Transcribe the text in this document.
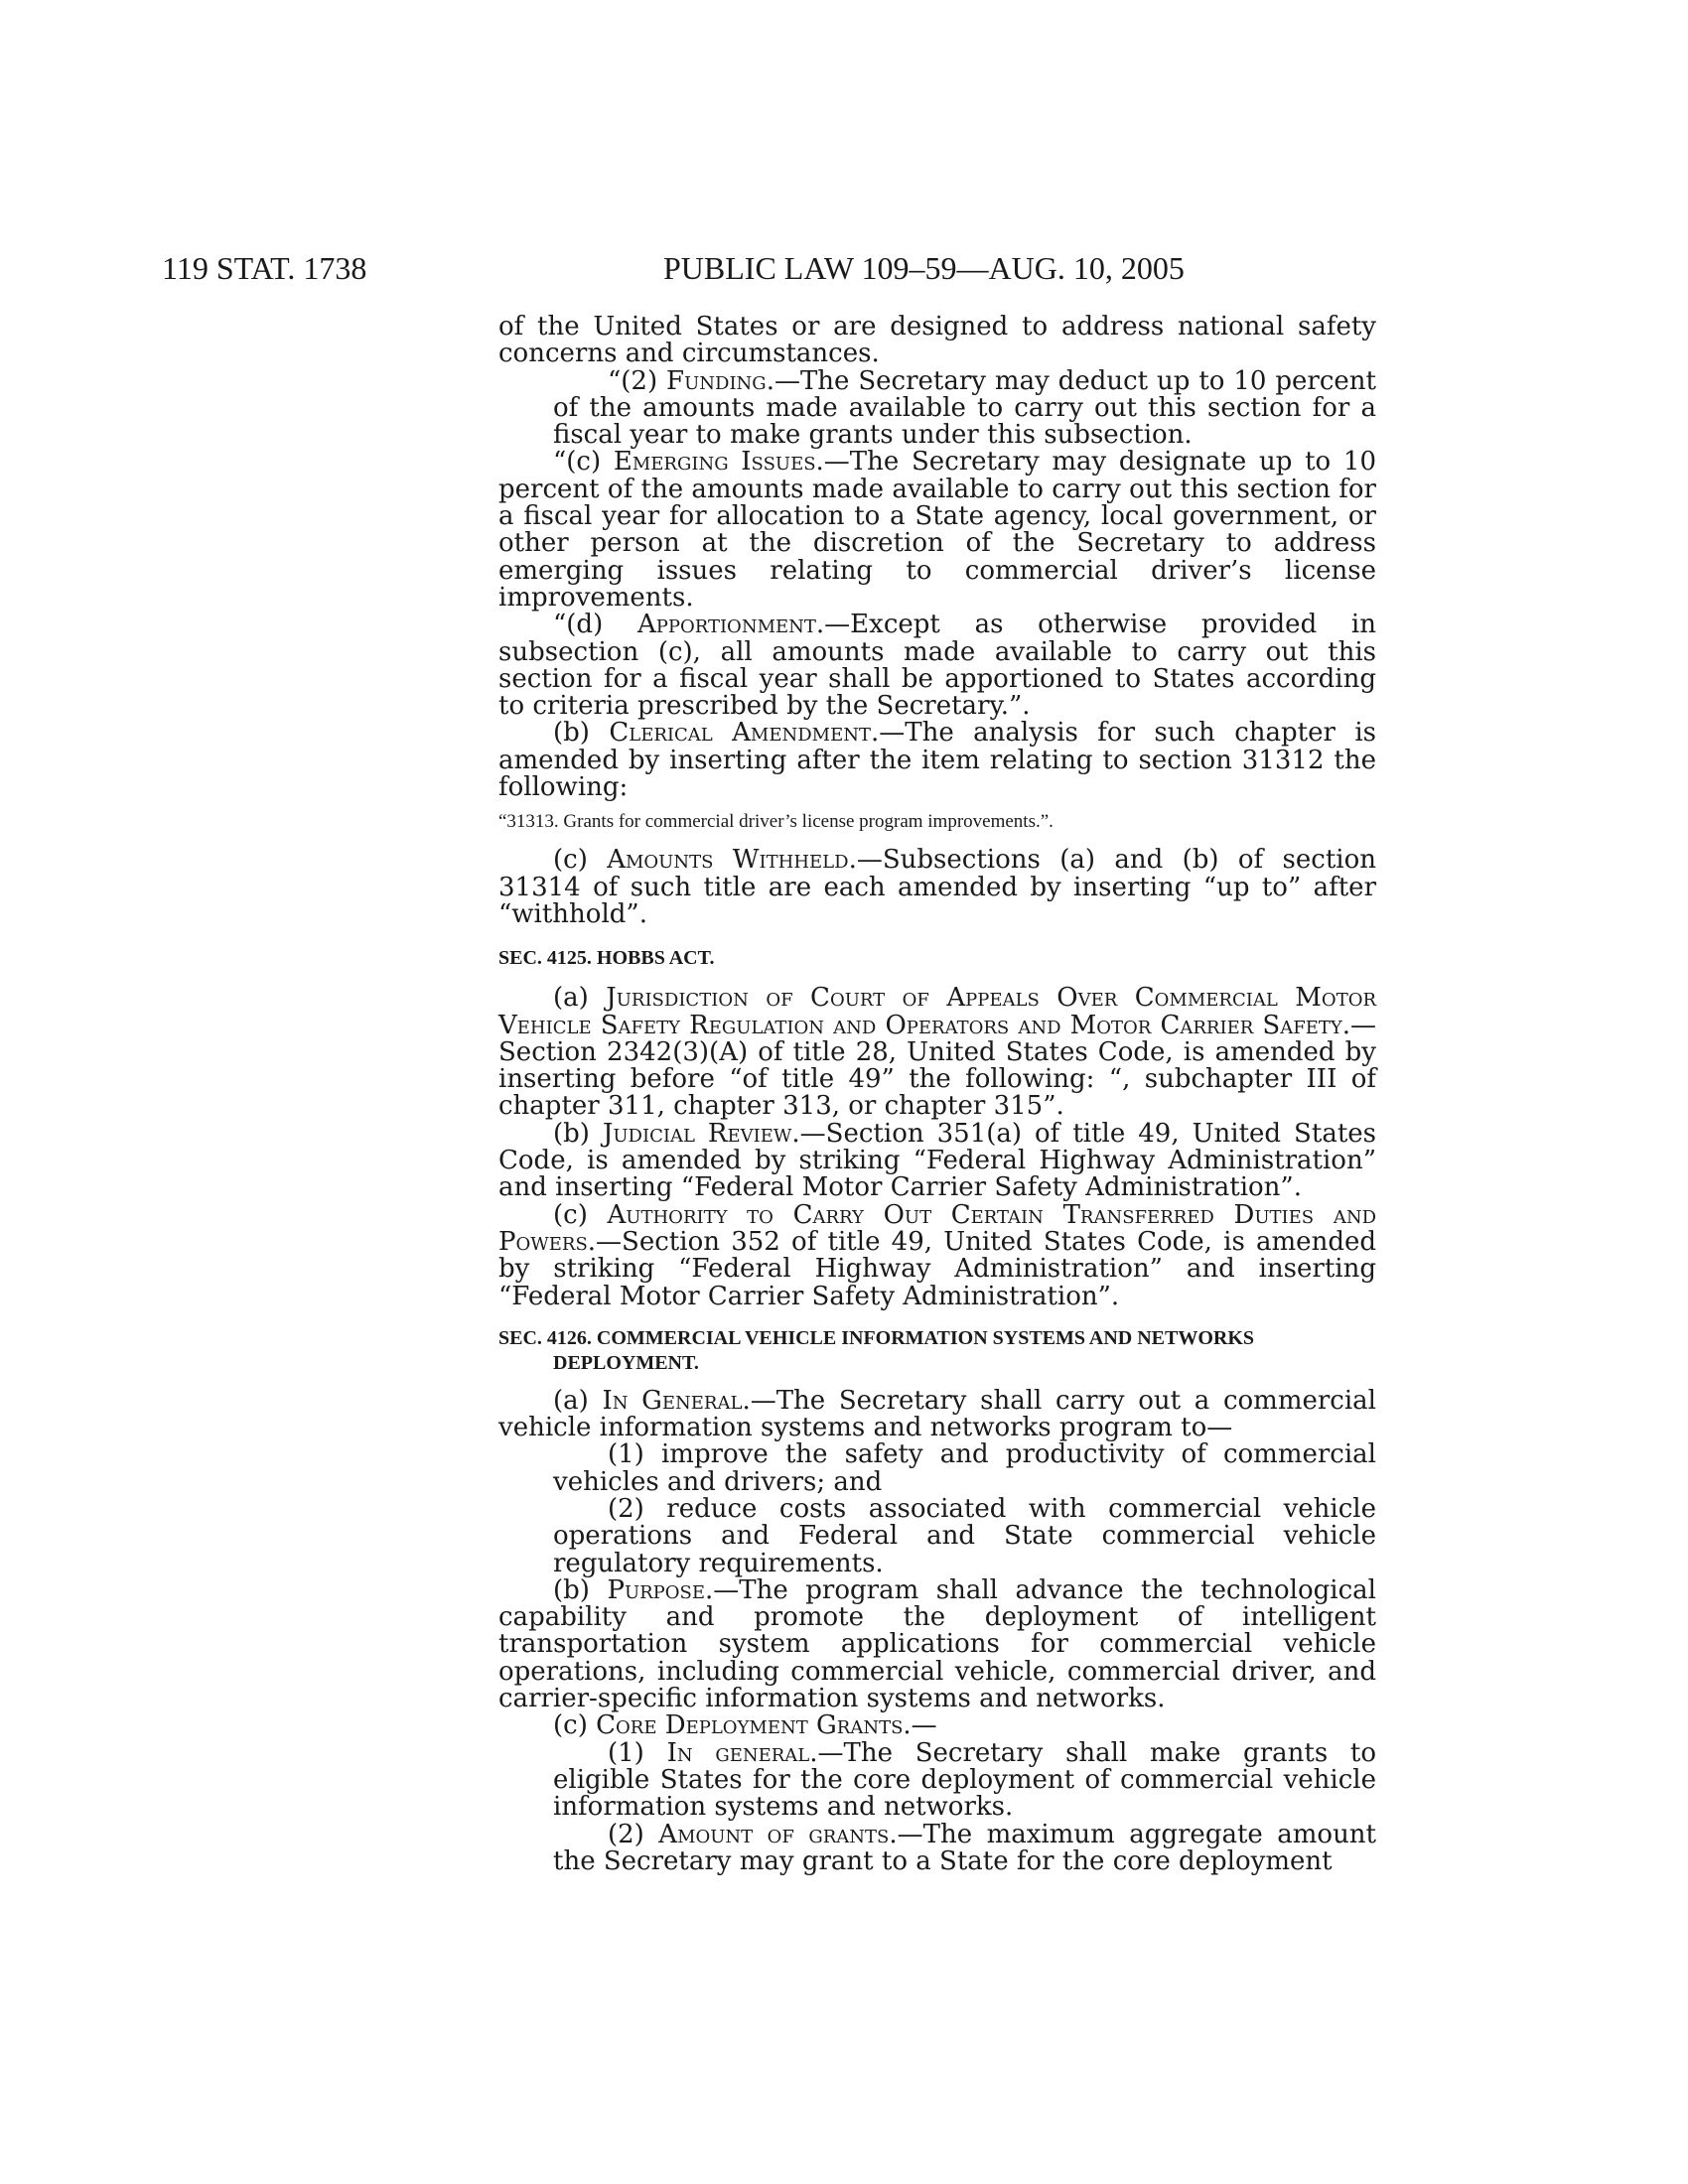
119 STAT. 1738	PUBLIC LAW 109–59—AUG. 10, 2005

of the United States or are designed to address national safety concerns and circumstances.

“(2) Funding.—The Secretary may deduct up to 10 percent of the amounts made available to carry out this section for a fiscal year to make grants under this subsection.

“(c) Emerging Issues.—The Secretary may designate up to 10 percent of the amounts made available to carry out this section for a fiscal year for allocation to a State agency, local government, or other person at the discretion of the Secretary to address emerging issues relating to commercial driver’s license improvements.

“(d) Apportionment.—Except as otherwise provided in subsection (c), all amounts made available to carry out this section for a fiscal year shall be apportioned to States according to criteria prescribed by the Secretary.”.

(b) Clerical Amendment.—The analysis for such chapter is amended by inserting after the item relating to section 31312 the following:

“31313. Grants for commercial driver’s license program improvements.”.

(c) Amounts Withheld.—Subsections (a) and (b) of section 31314 of such title are each amended by inserting “up to” after “withhold”.

SEC. 4125. HOBBS ACT.

(a) Jurisdiction of Court of Appeals Over Commercial Motor Vehicle Safety Regulation and Operators and Motor Carrier Safety.—Section 2342(3)(A) of title 28, United States Code, is amended by inserting before “of title 49” the following: “, subchapter III of chapter 311, chapter 313, or chapter 315”.

(b) Judicial Review.—Section 351(a) of title 49, United States Code, is amended by striking “Federal Highway Administration” and inserting “Federal Motor Carrier Safety Administration”.

(c) Authority to Carry Out Certain Transferred Duties and Powers.—Section 352 of title 49, United States Code, is amended by striking “Federal Highway Administration” and inserting “Federal Motor Carrier Safety Administration”.

SEC. 4126. COMMERCIAL VEHICLE INFORMATION SYSTEMS AND NETWORKS DEPLOYMENT.

(a) In General.—The Secretary shall carry out a commercial vehicle information systems and networks program to—

(1) improve the safety and productivity of commercial vehicles and drivers; and

(2) reduce costs associated with commercial vehicle operations and Federal and State commercial vehicle regulatory requirements.

(b) Purpose.—The program shall advance the technological capability and promote the deployment of intelligent transportation system applications for commercial vehicle operations, including commercial vehicle, commercial driver, and carrier-specific information systems and networks.

(c) Core Deployment Grants.—

(1) In general.—The Secretary shall make grants to eligible States for the core deployment of commercial vehicle information systems and networks.

(2) Amount of grants.—The maximum aggregate amount the Secretary may grant to a State for the core deployment
